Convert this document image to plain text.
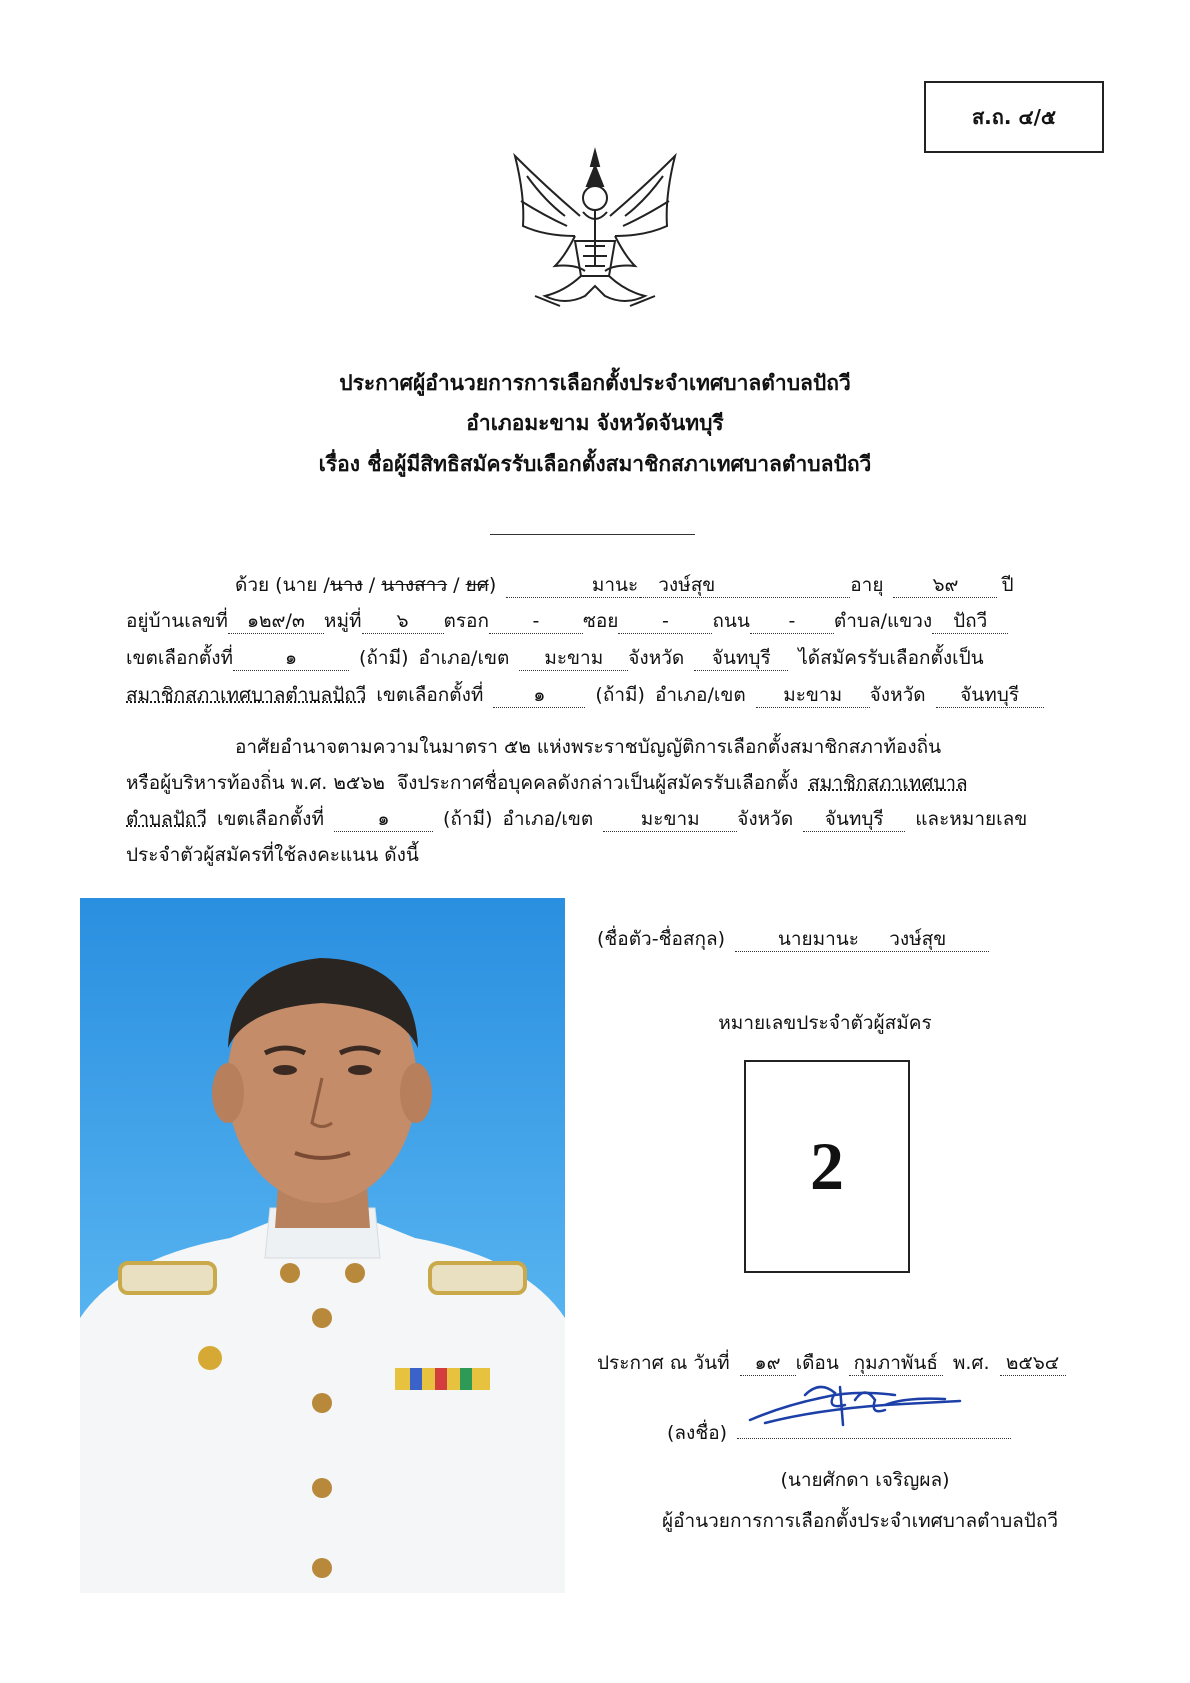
ส.ถ. ๔/๕
ประกาศผู้อำนวยการการเลือกตั้งประจำเทศบาลตำบลปัถวี
อำเภอมะขาม จังหวัดจันทบุรี
เรื่อง ชื่อผู้มีสิทธิสมัครรับเลือกตั้งสมาชิกสภาเทศบาลตำบลปัถวี
ด้วย (นาย / นาง / นางสาว / ยศ )	มานะ	วงษ์สุข	อายุ	๖๙	ปี
อยู่บ้านเลขที่	๑๒๙/๓	หมู่ที่	๖	ตรอก	-	ซอย	-	ถนน	-	ตำบล/แขวง	ปัถวี
เขตเลือกตั้งที่	๑	(ถ้ามี) อำเภอ/เขต	มะขาม	จังหวัด	จันทบุรี	ได้สมัครรับเลือกตั้งเป็น
สมาชิกสภาเทศบาลตำบลปัถวี เขตเลือกตั้งที่	๑	(ถ้ามี) อำเภอ/เขต	มะขาม	จังหวัด	จันทบุรี
อาศัยอำนาจตามความในมาตรา ๕๒ แห่งพระราชบัญญัติการเลือกตั้งสมาชิกสภาท้องถิ่น
หรือผู้บริหารท้องถิ่น พ.ศ. ๒๕๖๒  จึงประกาศชื่อบุคคลดังกล่าวเป็นผู้สมัครรับเลือกตั้ง สมาชิกสภาเทศบาล
ตำบลปัถวี เขตเลือกตั้งที่	๑	(ถ้ามี) อำเภอ/เขต	มะขาม	จังหวัด	จันทบุรี	และหมายเลข
ประจำตัวผู้สมัครที่ใช้ลงคะแนน ดังนี้
(ชื่อตัว-ชื่อสกุล)	นายมานะ     วงษ์สุข
หมายเลขประจำตัวผู้สมัคร
2
ประกาศ ณ วันที่	๑๙ เดือน กุมภาพันธ์ พ.ศ. ๒๕๖๔
(ลงชื่อ)
(นายศักดา เจริญผล)
ผู้อำนวยการการเลือกตั้งประจำเทศบาลตำบลปัถวี
